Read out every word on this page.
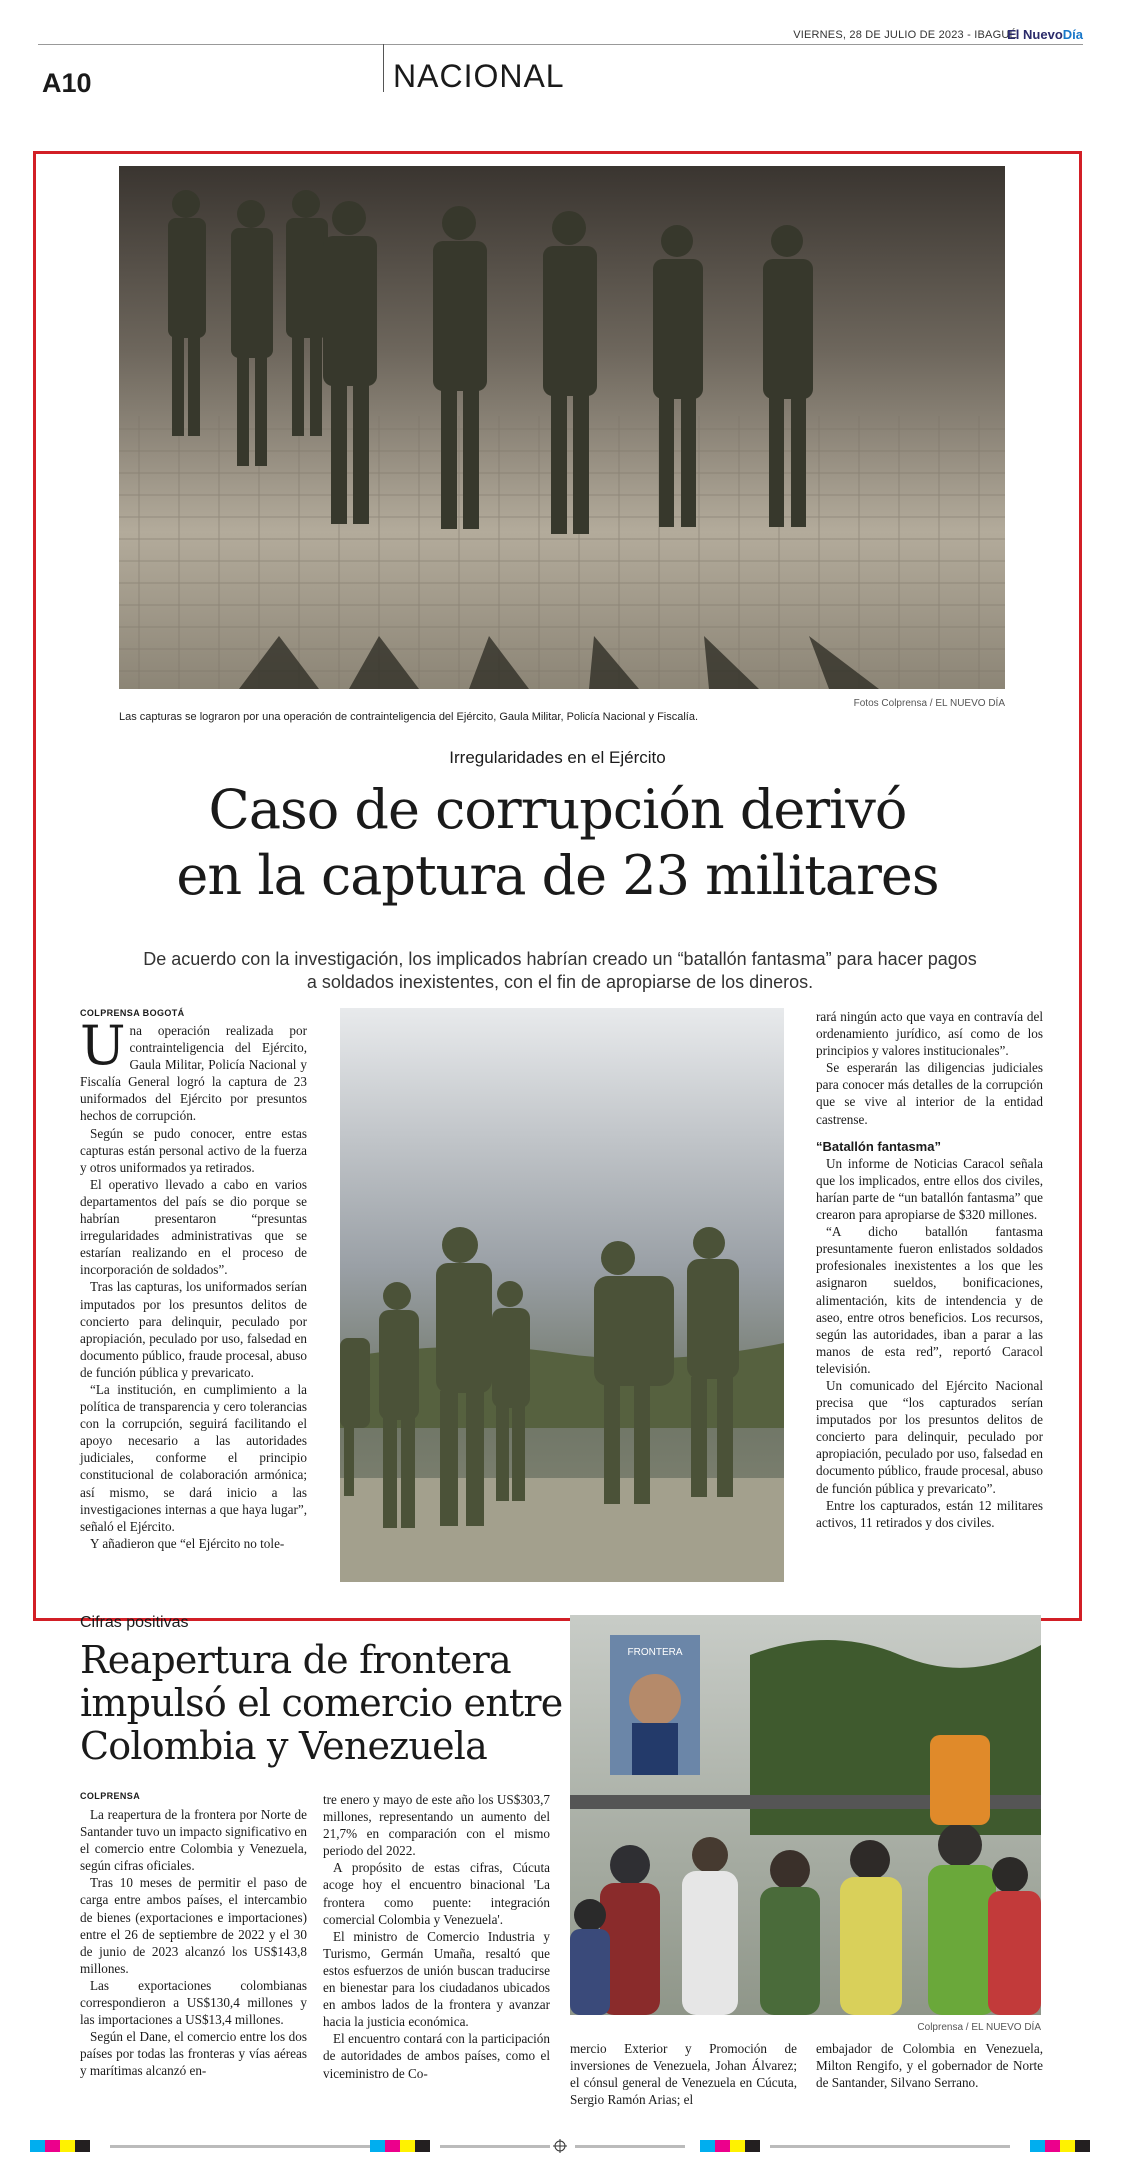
VIERNES, 28 DE JULIO DE 2023 - IBAGUÉ
El NuevoDía
A10	NACIONAL
Fotos Colprensa / EL NUEVO DÍA
Las capturas se lograron por una operación de contrainteligencia del Ejército, Gaula Militar, Policía Nacional y Fiscalía.
Irregularidades en el Ejército
Caso de corrupción derivó
en la captura de 23 militares
De acuerdo con la investigación, los implicados habrían creado un “batallón fantasma” para hacer pagos a soldados inexistentes, con el fin de apropiarse de los dineros.
COLPRENSA BOGOTÁ

Una operación realizada por contrainteligencia del Ejército, Gaula Militar, Policía Nacional y Fiscalía General logró la captura de 23 uniformados del Ejército por presuntos hechos de corrupción.

Según se pudo conocer, entre estas capturas están personal activo de la fuerza y otros uniformados ya retirados.

El operativo llevado a cabo en varios departamentos del país se dio porque se habrían presentaron “presuntas irregularidades administrativas que se estarían realizando en el proceso de incorporación de soldados”.

Tras las capturas, los uniformados serían imputados por los presuntos delitos de concierto para delinquir, peculado por apropiación, peculado por uso, falsedad en documento público, fraude procesal, abuso de función pública y prevaricato.

“La institución, en cumplimiento a la política de transparencia y cero tolerancias con la corrupción, seguirá facilitando el apoyo necesario a las autoridades judiciales, conforme el principio constitucional de colaboración armónica; así mismo, se dará inicio a las investigaciones internas a que haya lugar”, señaló el Ejército.

Y añadieron que “el Ejército no tole-

rará ningún acto que vaya en contravía del ordenamiento jurídico, así como de los principios y valores institucionales”.

Se esperarán las diligencias judiciales para conocer más detalles de la corrupción que se vive al interior de la entidad castrense.

“Batallón fantasma”

Un informe de Noticias Caracol señala que los implicados, entre ellos dos civiles, harían parte de “un batallón fantasma” que crearon para apropiarse de $320 millones.

“A dicho batallón fantasma presuntamente fueron enlistados soldados profesionales inexistentes a los que les asignaron sueldos, bonificaciones, alimentación, kits de intendencia y de aseo, entre otros beneficios. Los recursos, según las autoridades, iban a parar a las manos de esta red”, reportó Caracol televisión.

Un comunicado del Ejército Nacional precisa que “los capturados serían imputados por los presuntos delitos de concierto para delinquir, peculado por apropiación, peculado por uso, falsedad en documento público, fraude procesal, abuso de función pública y prevaricato”.

Entre los capturados, están 12 militares activos, 11 retirados y dos civiles.

Cifras positivas
Reapertura de frontera
impulsó el comercio entre
Colombia y Venezuela
COLPRENSA

La reapertura de la frontera por Norte de Santander tuvo un impacto significativo en el comercio entre Colombia y Venezuela, según cifras oficiales.

Tras 10 meses de permitir el paso de carga entre ambos países, el intercambio de bienes (exportaciones e importaciones) entre el 26 de septiembre de 2022 y el 30 de junio de 2023 alcanzó los US$143,8 millones.

Las exportaciones colombianas correspondieron a US$130,4 millones y las importaciones a US$13,4 millones.

Según el Dane, el comercio entre los dos países por todas las fronteras y vías aéreas y marítimas alcanzó en-

tre enero y mayo de este año los US$303,7 millones, representando un aumento del 21,7% en comparación con el mismo periodo del 2022.

A propósito de estas cifras, Cúcuta acoge hoy el encuentro binacional 'La frontera como puente: integración comercial Colombia y Venezuela'.

El ministro de Comercio Industria y Turismo, Germán Umaña, resaltó que estos esfuerzos de unión buscan traducirse en bienestar para los ciudadanos ubicados en ambos lados de la frontera y avanzar hacia la justicia económica.

El encuentro contará con la participación de autoridades de ambos países, como el viceministro de Co-

FRONTERA
Colprensa / EL NUEVO DÍA

mercio Exterior y Promoción de inversiones de Venezuela, Johan Álvarez; el cónsul general de Venezuela en Cúcuta, Sergio Ramón Arias; el

embajador de Colombia en Venezuela, Milton Rengifo, y el gobernador de Norte de Santander, Silvano Serrano.
